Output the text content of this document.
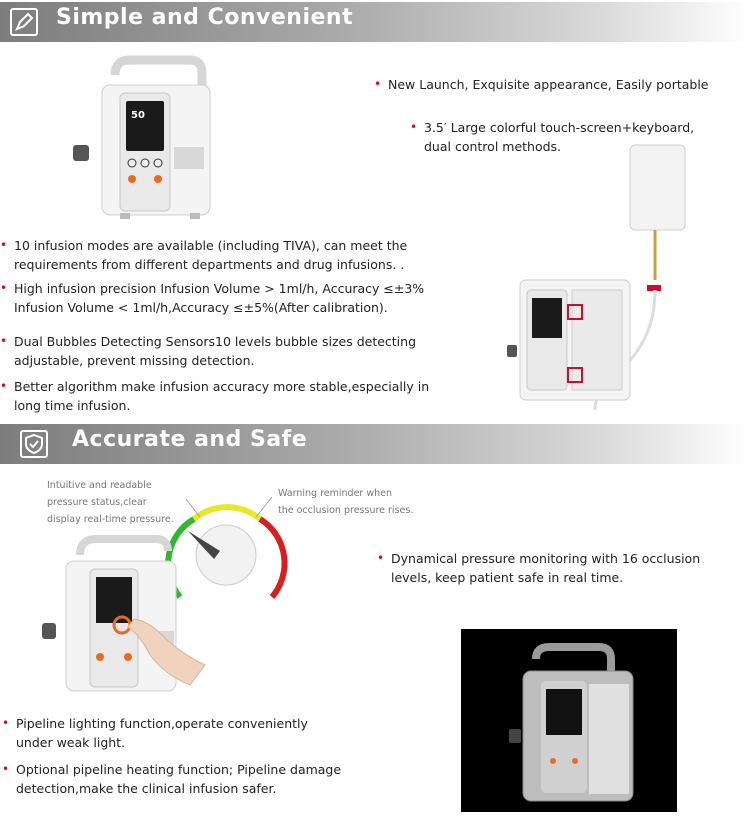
Simple and Convenient
50
• New Launch, Exquisite appearance, Easily portable
• 3.5′ Large colorful touch-screen+keyboard,
dual control methods.
• 10 infusion modes are available (including TIVA), can meet the
requirements from different departments and drug infusions. .
• High infusion precision Infusion Volume > 1ml/h, Accuracy ≤±3%
Infusion Volume < 1ml/h,Accuracy ≤±5%(After calibration).
• Dual Bubbles Detecting Sensors10 levels bubble sizes detecting
adjustable, prevent missing detection.
• Better algorithm make infusion accuracy more stable,especially in
long time infusion.
Accurate and Safe
Intuitive and readable
pressure status,clear
display real-time pressure.
Warning reminder when
the occlusion pressure rises.
• Dynamical pressure monitoring with 16 occlusion
levels, keep patient safe in real time.
• Pipeline lighting function,operate conveniently
under weak light.
• Optional pipeline heating function; Pipeline damage
detection,make the clinical infusion safer.
